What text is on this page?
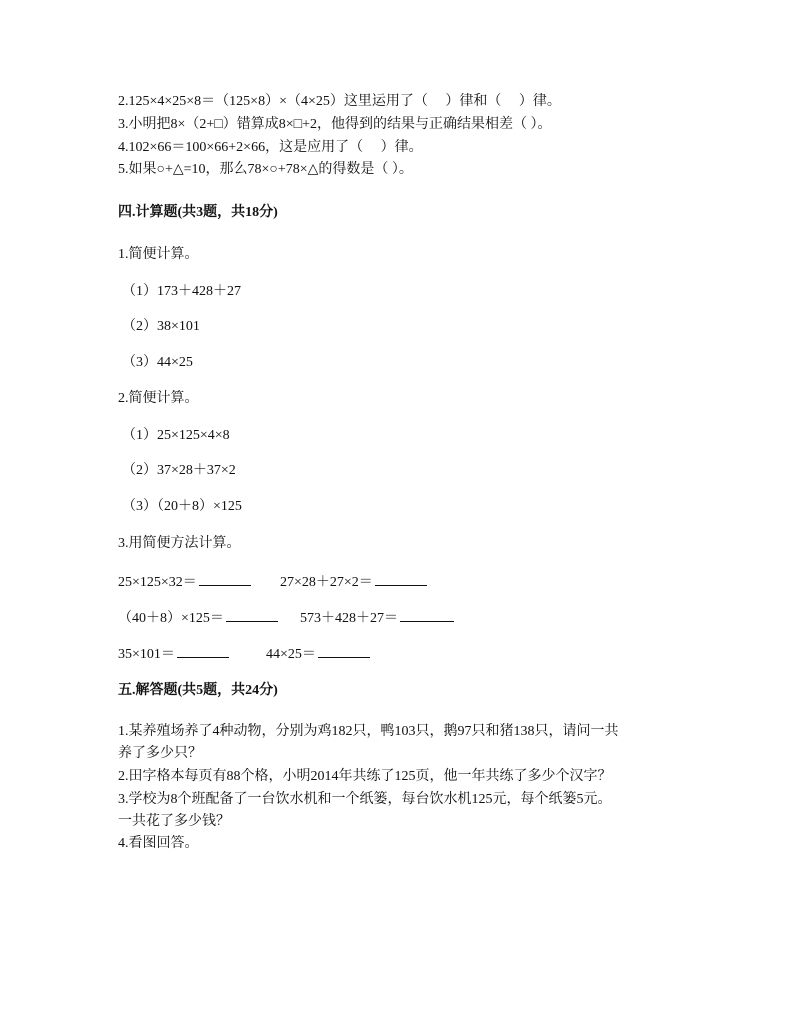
2.125×4×25×8＝（125×8）×（4×25）这里运用了（　 ）律和（　 ）律。
3.小明把8×（2+□）错算成8×□+2，他得到的结果与正确结果相差（ ）。
4.102×66＝100×66+2×66，这是应用了（　 ）律。
5.如果○+△=10，那么78×○+78×△的得数是（ ）。
四.计算题(共3题，共18分)
1.简便计算。
（1）173＋428＋27
（2）38×101
（3）44×25
2.简便计算。
（1）25×125×4×8
（2）37×28＋37×2
（3）（20＋8）×125
3.用简便方法计算。
25×125×32＝	27×28＋27×2＝
（40＋8）×125＝	573＋428＋27＝
35×101＝	44×25＝
五.解答题(共5题，共24分)
1.某养殖场养了4种动物，分别为鸡182只，鸭103只，鹅97只和猪138只，请问一共
养了多少只？
2.田字格本每页有88个格，小明2014年共练了125页，他一年共练了多少个汉字？
3.学校为8个班配备了一台饮水机和一个纸篓，每台饮水机125元，每个纸篓5元。
一共花了多少钱？
4.看图回答。
